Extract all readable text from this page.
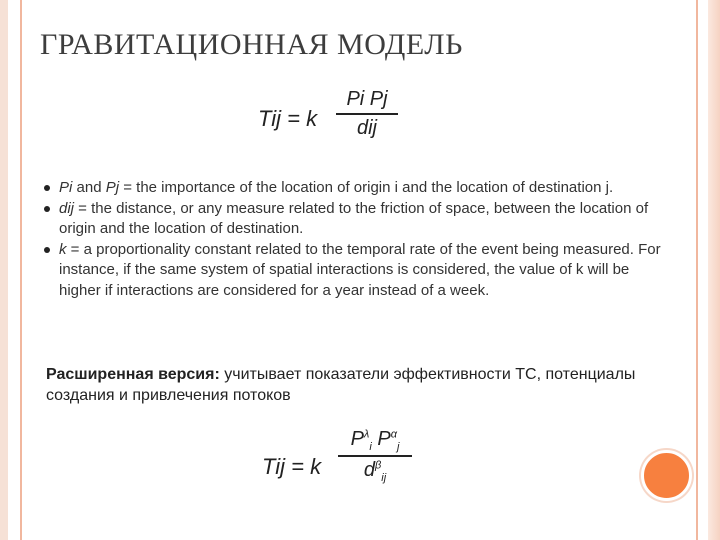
ГРАВИТАЦИОННАЯ МОДЕЛЬ
Tij = k
Pi Pj
dij
Pi and Pj = the importance of the location of origin i and the location of destination j.
dij = the distance, or any measure related to the friction of space, between the location of origin and the location of destination.
k = a proportionality constant related to the temporal rate of the event being measured. For instance, if the same system of spatial interactions is considered, the value of k will be higher if interactions are considered for a year instead of a week.
Расширенная версия: учитывает показатели эффективности ТС, потенциалы создания и привлечения потоков
Tij = k
$P^\lambda_i$ $P^\alpha_j$
$d^\beta_{ij}$
